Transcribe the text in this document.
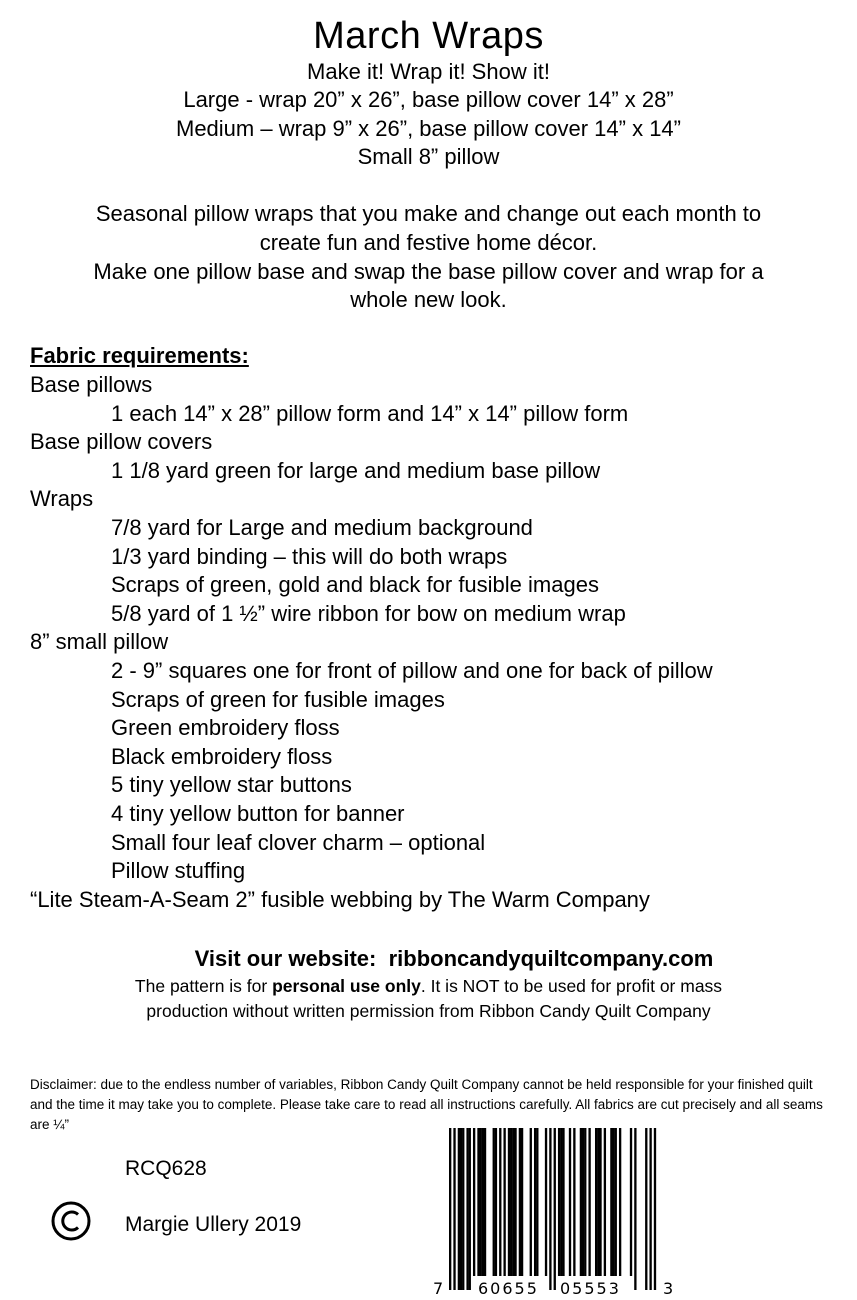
March Wraps
Make it! Wrap it! Show it!
Large - wrap 20” x 26”, base pillow cover 14” x 28”
Medium – wrap 9” x 26”, base pillow cover 14” x 14”
Small 8” pillow
Seasonal pillow wraps that you make and change out each month to
create fun and festive home décor.
Make one pillow base and swap the base pillow cover and wrap for a
whole new look.
Fabric requirements:
Base pillows
1 each 14” x 28” pillow form and 14” x 14” pillow form
Base pillow covers
1 1/8 yard green for large and medium base pillow
Wraps
7/8 yard for Large and medium background
1/3 yard binding – this will do both wraps
Scraps of green, gold and black for fusible images
5/8 yard of 1 ½” wire ribbon for bow on medium wrap
8” small pillow
2 - 9” squares one for front of pillow and one for back of pillow
Scraps of green for fusible images
Green embroidery floss
Black embroidery floss
5 tiny yellow star buttons
4 tiny yellow button for banner
Small four leaf clover charm – optional
Pillow stuffing
“Lite Steam-A-Seam 2” fusible webbing by The Warm Company
Visit our website: ribboncandyquiltcompany.com
The pattern is for personal use only. It is NOT to be used for profit or mass
production without written permission from Ribbon Candy Quilt Company
Disclaimer: due to the endless number of variables, Ribbon Candy Quilt Company cannot be held responsible for your finished quilt and the time it may take you to complete. Please take care to read all instructions carefully. All fabrics are cut precisely and all seams are ¼”
RCQ628
Margie Ullery 2019
7 60655 05553	3
